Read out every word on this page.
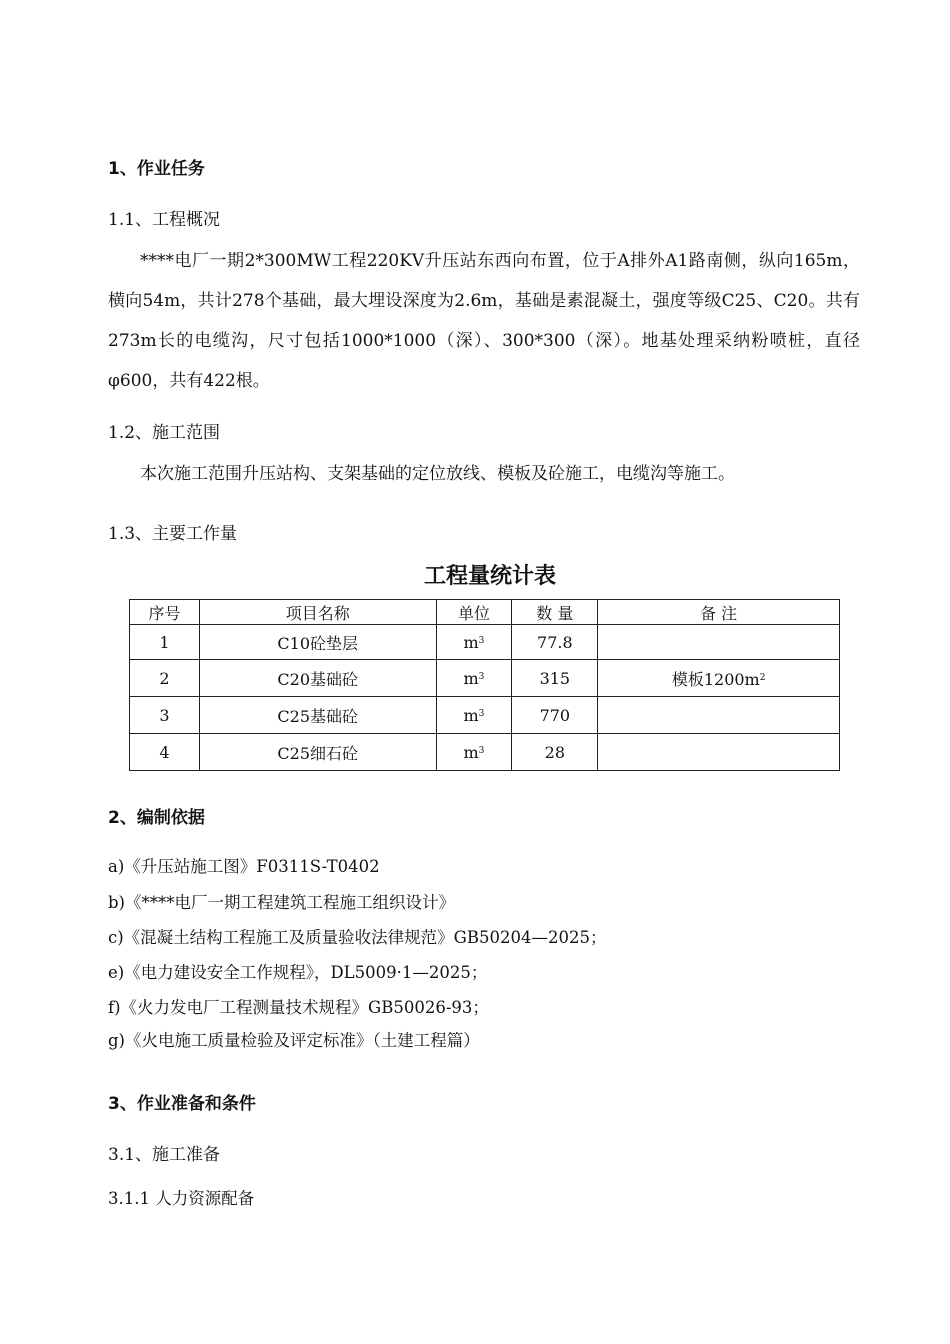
1、作业任务
1.1、工程概况
****电厂一期2*300MW工程220KV升压站东西向布置，位于A排外A1路南侧，纵向165m，横向54m，共计278个基础，最大埋设深度为2.6m，基础是素混凝土，强度等级C25、C20。共有273m长的电缆沟，尺寸包括1000*1000（深）、300*300（深）。地基处理采纳粉喷桩，直径φ600，共有422根。
1.2、施工范围
本次施工范围升压站构、支架基础的定位放线、模板及砼施工，电缆沟等施工。
1.3、主要工作量
工程量统计表
序号	项目名称	单位	数 量	备 注
1	C10砼垫层	$m^3$	77.8	
2	C20基础砼	$m^3$	315	模板$1200m^2$
3	C25基础砼	$m^3$	770	
4	C25细石砼	$m^3$	28	
2、编制依据
a)《升压站施工图》F0311S-T0402
b)《****电厂一期工程建筑工程施工组织设计》
c)《混凝土结构工程施工及质量验收法律规范》GB50204—2025；
e)《电力建设安全工作规程》，DL5009·1—2025；
f)《火力发电厂工程测量技术规程》GB50026-93；
g)《火电施工质量检验及评定标准》（土建工程篇）
3、作业准备和条件
3.1、施工准备
3.1.1 人力资源配备
